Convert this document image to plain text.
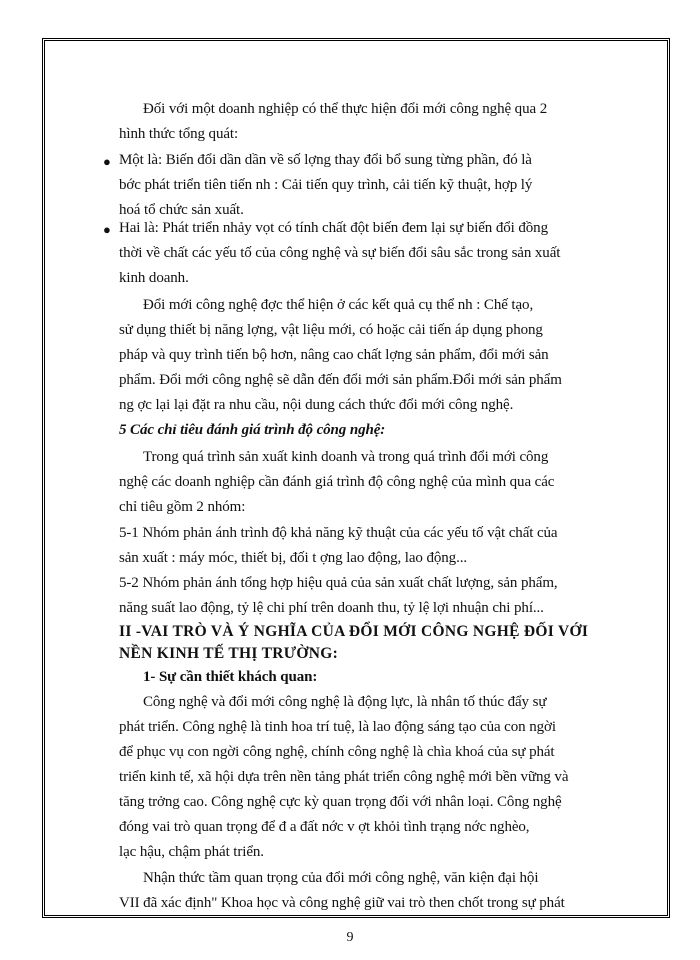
Đối với một doanh nghiệp có thể thực hiện đổi mới công nghệ qua 2
hình thức tổng quát:
● Một là: Biến đổi dần dần về số lợng thay đổi bổ sung từng phần, đó là
bớc phát triển tiên tiến nh : Cải tiến quy trình, cải tiến kỹ thuật, hợp lý
hoá tổ chức sản xuất.
● Hai là: Phát triển nhảy vọt có tính chất đột biến đem lại sự biến đổi đồng
thời về chất các yếu tố của công nghệ và sự biến đổi sâu sắc trong sản xuất
kinh doanh.
Đổi mới công nghệ đợc thể hiện ở các kết quả cụ thể nh : Chế tạo,
sử dụng thiết bị năng lợng, vật liệu mới, có hoặc cải tiến áp dụng phong
pháp và quy trình tiến bộ hơn, nâng cao chất lợng sản phẩm, đổi mới sản
phẩm. Đổi mới công nghệ sẽ dẫn đến đổi mới sản phẩm.Đổi mới sản phẩm
ng ợc lại lại đặt ra nhu cầu, nội dung cách thức đổi mới công nghệ.
5 Các chỉ tiêu đánh giá trình độ công nghệ:
Trong quá trình sản xuất kinh doanh và trong quá trình đổi mới công
nghệ các doanh nghiệp cần đánh giá trình độ công nghệ của mình qua các
chỉ tiêu gồm 2 nhóm:
5-1 Nhóm phản ánh trình độ khả năng kỹ thuật của các yếu tố vật chất của
sản xuất : máy móc, thiết bị, đối t ợng lao động, lao động...
5-2 Nhóm phản ánh tổng hợp hiệu quả của sản xuất chất lượng, sản phẩm,
năng suất lao động, tỷ lệ chi phí trên doanh thu, tỷ lệ lợi nhuận chi phí...
II -VAI TRÒ VÀ Ý NGHĨA CỦA ĐỔI MỚI CÔNG NGHỆ ĐỐI VỚI
NỀN KINH TẾ THỊ TRƯỜNG:
1- Sự cần thiết khách quan:
Công nghệ và đổi mới công nghệ là động lực, là nhân tố thúc đẩy sự
phát triển. Công nghệ là tinh hoa trí tuệ, là lao động sáng tạo của con ngời
để phục vụ con ngời công nghệ, chính công nghệ là chìa khoá của sự phát
triển kinh tế, xã hội dựa trên nền tảng phát triển công nghệ mới bền vững và
tăng trởng cao. Công nghệ cực kỳ quan trọng đối với nhân loại. Công nghệ
đóng vai trò quan trọng để đ a đất nớc v ợt khỏi tình trạng nớc nghèo,
lạc hậu, chậm phát triển.
Nhận thức tầm quan trọng của đổi mới công nghệ, văn kiện đại hội
VII đã xác định" Khoa học và công nghệ giữ vai trò then chốt trong sự phát
9
